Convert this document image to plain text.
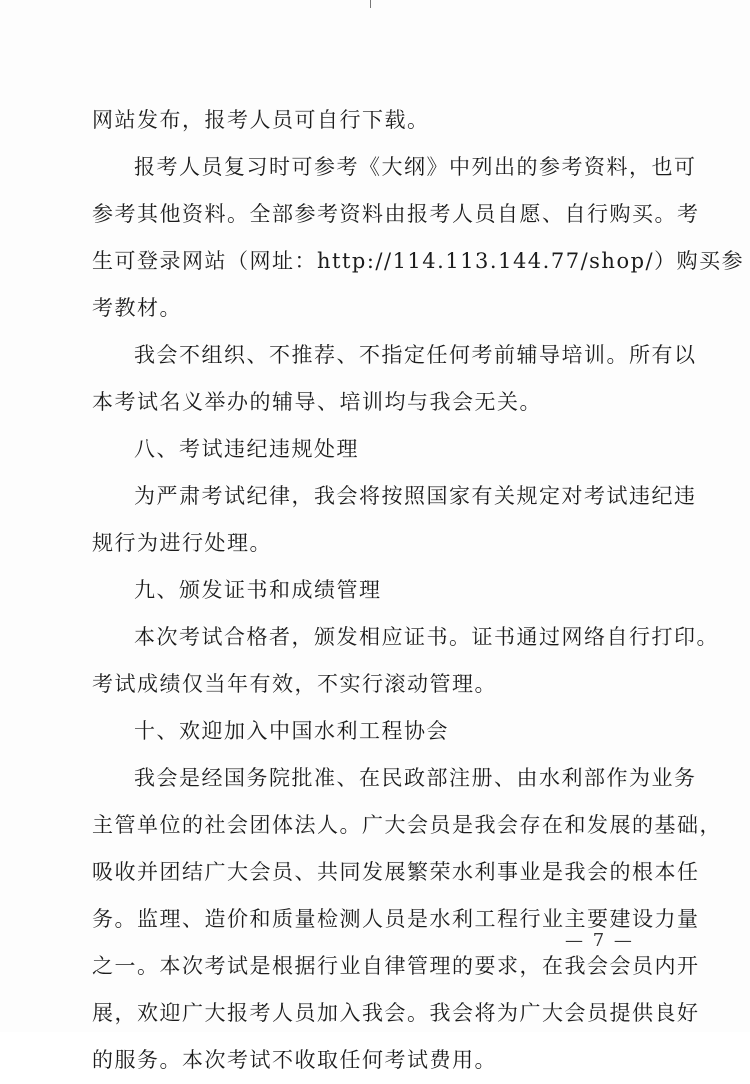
网站发布，报考人员可自行下载。
报考人员复习时可参考《大纲》中列出的参考资料，也可
参考其他资料。全部参考资料由报考人员自愿、自行购买。考
生可登录网站（网址：http://114.113.144.77/shop/）购买参
考教材。
我会不组织、不推荐、不指定任何考前辅导培训。所有以
本考试名义举办的辅导、培训均与我会无关。
八、考试违纪违规处理
为严肃考试纪律，我会将按照国家有关规定对考试违纪违
规行为进行处理。
九、颁发证书和成绩管理
本次考试合格者，颁发相应证书。证书通过网络自行打印。
考试成绩仅当年有效，不实行滚动管理。
十、欢迎加入中国水利工程协会
我会是经国务院批准、在民政部注册、由水利部作为业务
主管单位的社会团体法人。广大会员是我会存在和发展的基础，
吸收并团结广大会员、共同发展繁荣水利事业是我会的根本任
务。监理、造价和质量检测人员是水利工程行业主要建设力量
之一。本次考试是根据行业自律管理的要求，在我会会员内开
展，欢迎广大报考人员加入我会。我会将为广大会员提供良好
的服务。本次考试不收取任何考试费用。
— 7 —
